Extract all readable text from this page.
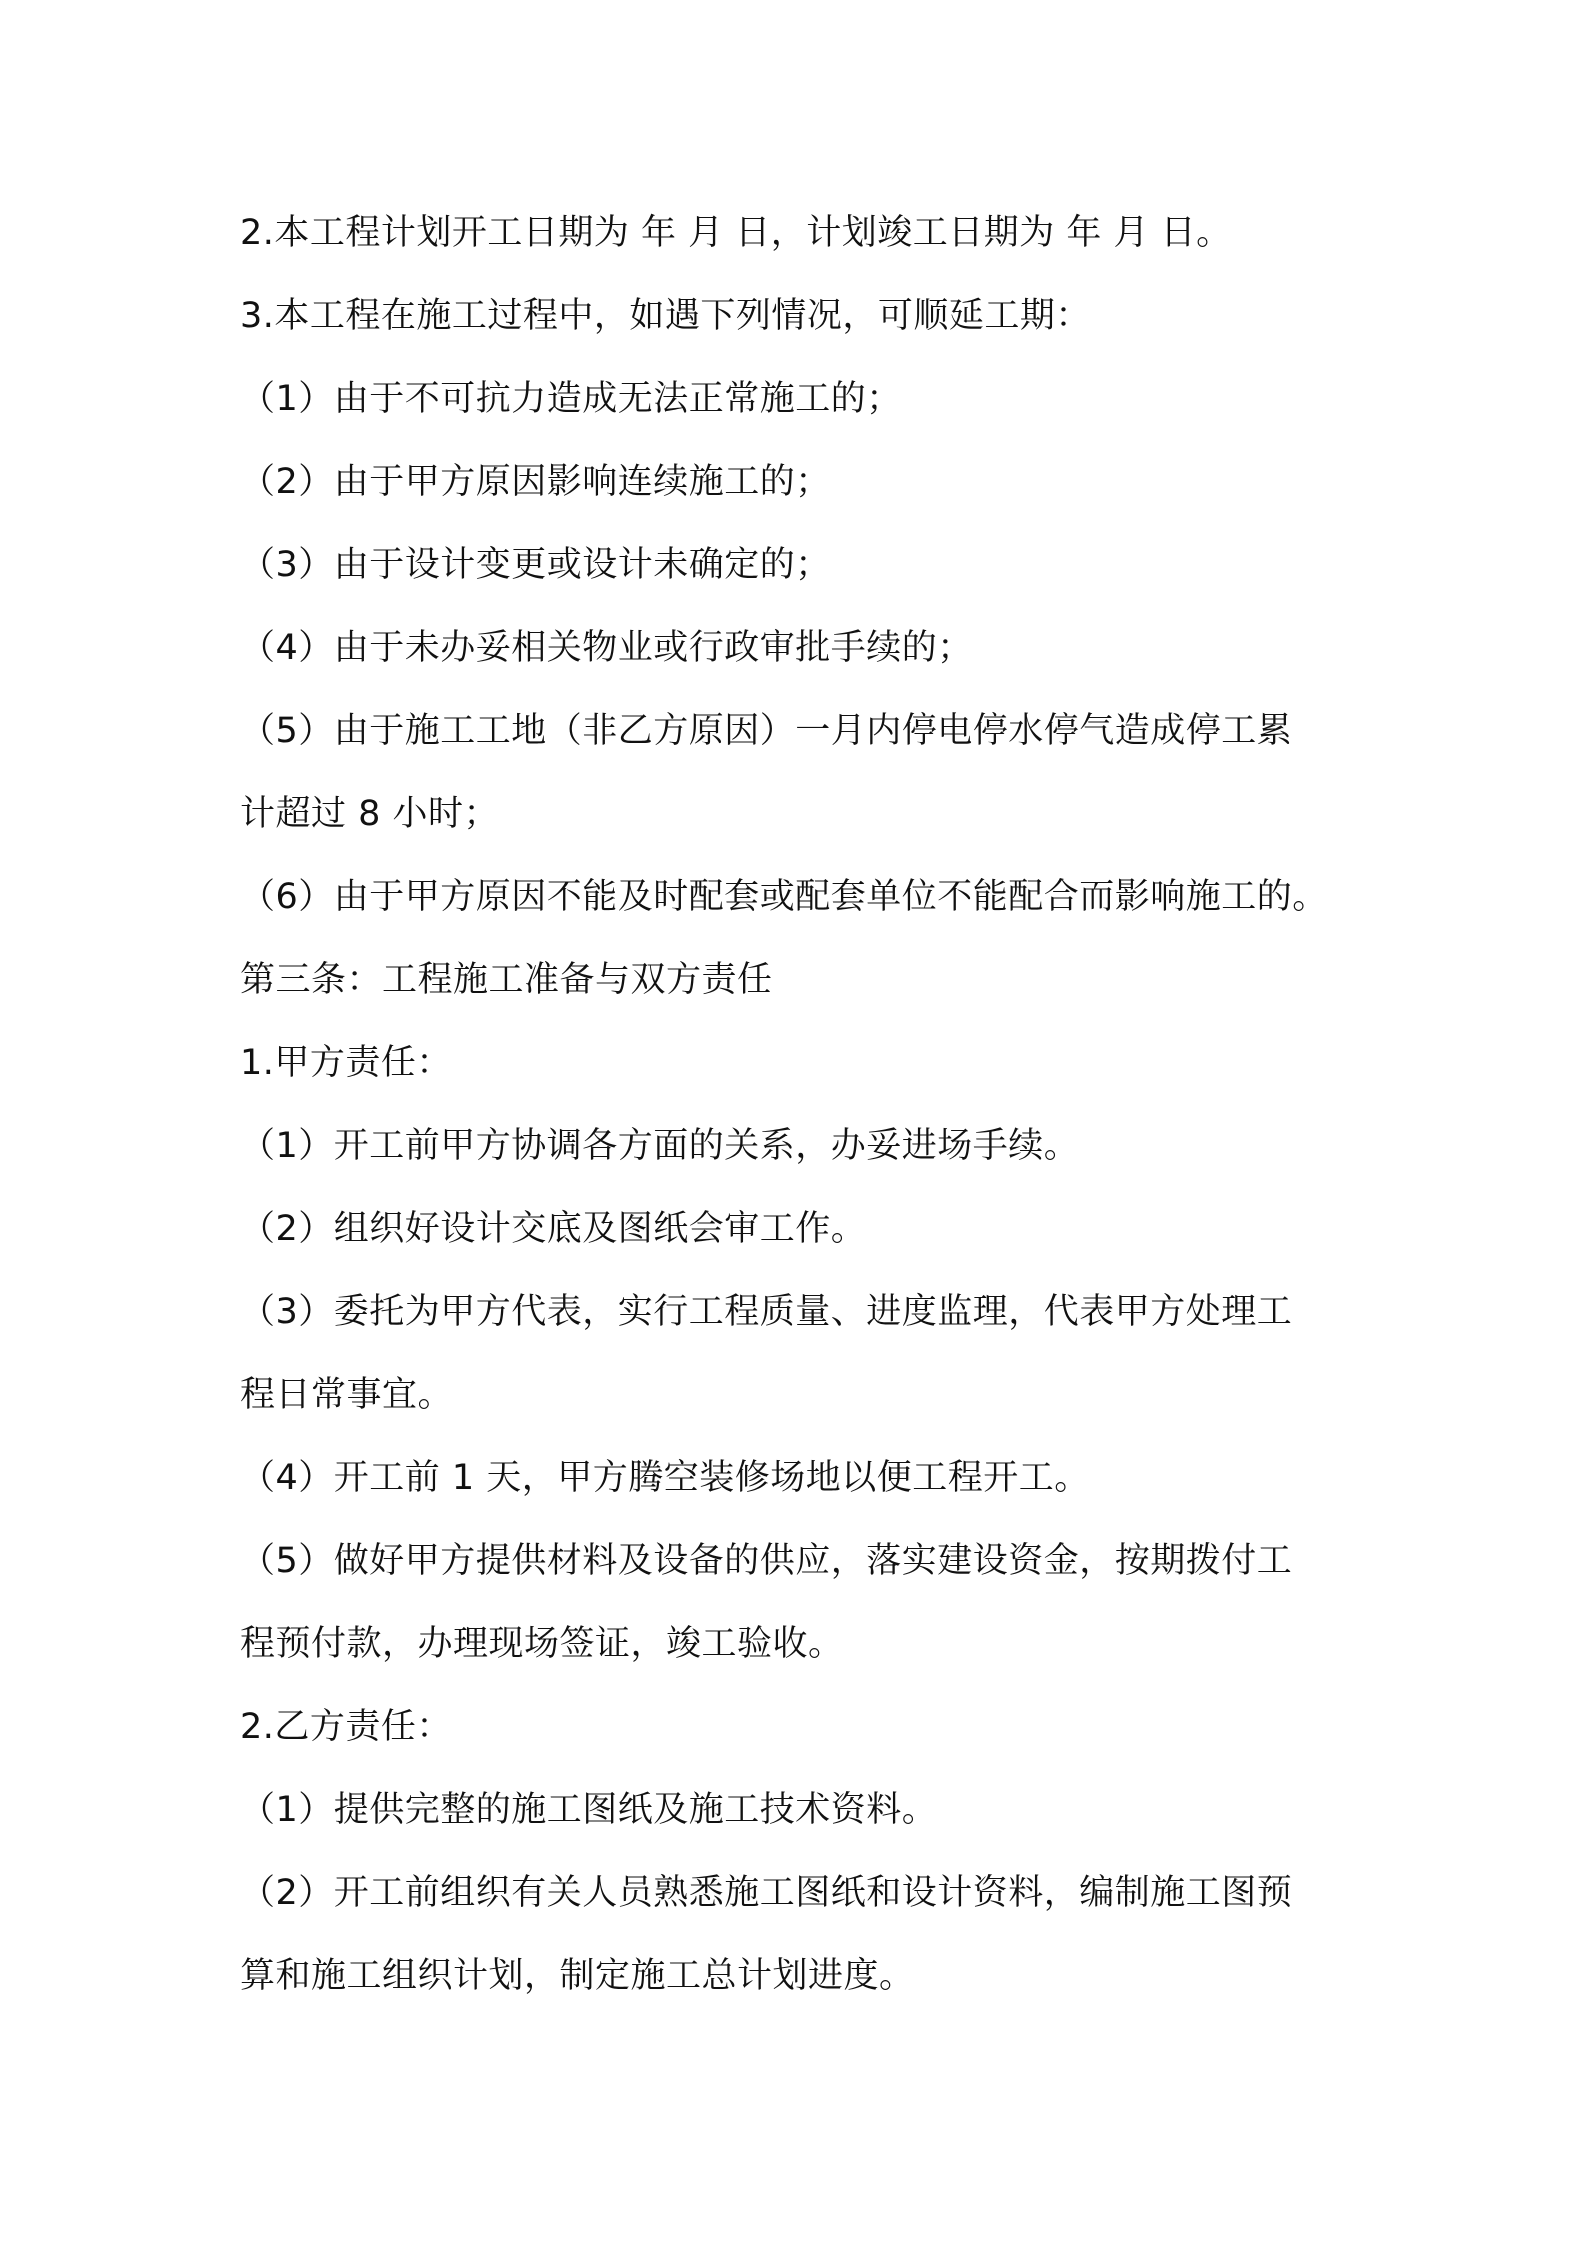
2.本工程计划开工日期为 年 月 日，计划竣工日期为 年 月 日。
3.本工程在施工过程中，如遇下列情况，可顺延工期：
（1）由于不可抗力造成无法正常施工的；
（2）由于甲方原因影响连续施工的；
（3）由于设计变更或设计未确定的；
（4）由于未办妥相关物业或行政审批手续的；
（5）由于施工工地（非乙方原因）一月内停电停水停气造成停工累
计超过 8 小时；
（6）由于甲方原因不能及时配套或配套单位不能配合而影响施工的。
第三条：工程施工准备与双方责任
1.甲方责任：
（1）开工前甲方协调各方面的关系，办妥进场手续。
（2）组织好设计交底及图纸会审工作。
（3）委托为甲方代表，实行工程质量、进度监理，代表甲方处理工
程日常事宜。
（4）开工前 1 天，甲方腾空装修场地以便工程开工。
（5）做好甲方提供材料及设备的供应，落实建设资金，按期拨付工
程预付款，办理现场签证，竣工验收。
2.乙方责任：
（1）提供完整的施工图纸及施工技术资料。
（2）开工前组织有关人员熟悉施工图纸和设计资料，编制施工图预
算和施工组织计划，制定施工总计划进度。
